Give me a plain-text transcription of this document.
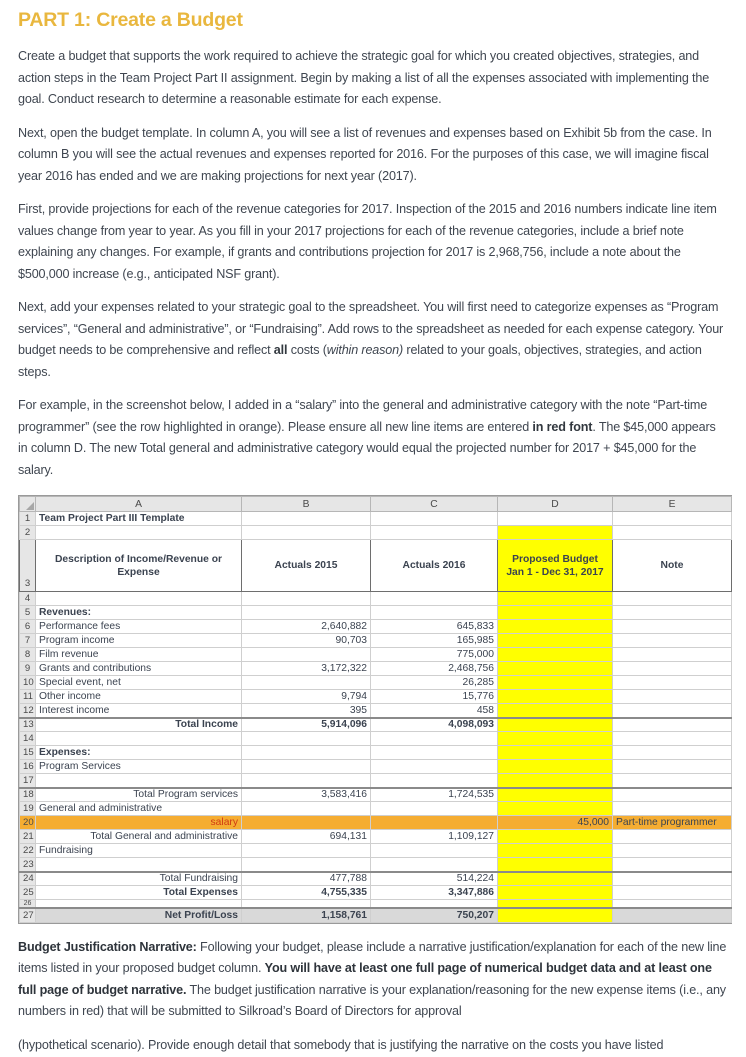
PART 1: Create a Budget

Create a budget that supports the work required to achieve the strategic goal for which you created objectives, strategies, and action steps in the Team Project Part II assignment. Begin by making a list of all the expenses associated with implementing the goal. Conduct research to determine a reasonable estimate for each expense.

Next, open the budget template. In column A, you will see a list of revenues and expenses based on Exhibit 5b from the case. In column B you will see the actual revenues and expenses reported for 2016. For the purposes of this case, we will imagine fiscal year 2016 has ended and we are making projections for next year (2017).

First, provide projections for each of the revenue categories for 2017. Inspection of the 2015 and 2016 numbers indicate line item values change from year to year. As you fill in your 2017 projections for each of the revenue categories, include a brief note explaining any changes. For example, if grants and contributions projection for 2017 is 2,968,756, include a note about the $500,000 increase (e.g., anticipated NSF grant).

Next, add your expenses related to your strategic goal to the spreadsheet. You will first need to categorize expenses as “Program services”, “General and administrative”, or “Fundraising”. Add rows to the spreadsheet as needed for each expense category. Your budget needs to be comprehensive and reflect all costs (within reason) related to your goals, objectives, strategies, and action steps.

For example, in the screenshot below, I added in a “salary” into the general and administrative category with the note “Part-time programmer” (see the row highlighted in orange). Please ensure all new line items are entered in red font. The $45,000 appears in column D. The new Total general and administrative category would equal the projected number for 2017 + $45,000 for the salary.

	A	B	C	D	E
1	Team Project Part III Template				
2					
3	Description of Income/Revenue or Expense	Actuals 2015	Actuals 2016	Proposed Budget
Jan 1 - Dec 31, 2017	Note
4					
5	Revenues:				
6	Performance fees	2,640,882	645,833		
7	Program income	90,703	165,985		
8	Film revenue		775,000		
9	Grants and contributions	3,172,322	2,468,756		
10	Special event, net		26,285		
11	Other income	9,794	15,776		
12	Interest income	395	458		
13	Total Income	5,914,096	4,098,093		
14					
15	Expenses:				
16	Program Services				
17					
18	Total Program services	3,583,416	1,724,535		
19	General and administrative				
20	salary			45,000	Part-time programmer
21	Total General and administrative	694,131	1,109,127		
22	Fundraising				
23					
24	Total Fundraising	477,788	514,224		
25	Total Expenses	4,755,335	3,347,886		
26					
27	Net Profit/Loss	1,158,761	750,207		

Budget Justification Narrative: Following your budget, please include a narrative justification/explanation for each of the new line items listed in your proposed budget column. You will have at least one full page of numerical budget data and at least one full page of budget narrative. The budget justification narrative is your explanation/reasoning for the new expense items (i.e., any numbers in red) that will be submitted to Silkroad’s Board of Directors for approval

(hypothetical scenario). Provide enough detail that somebody that is justifying the narrative on the costs you have listed
